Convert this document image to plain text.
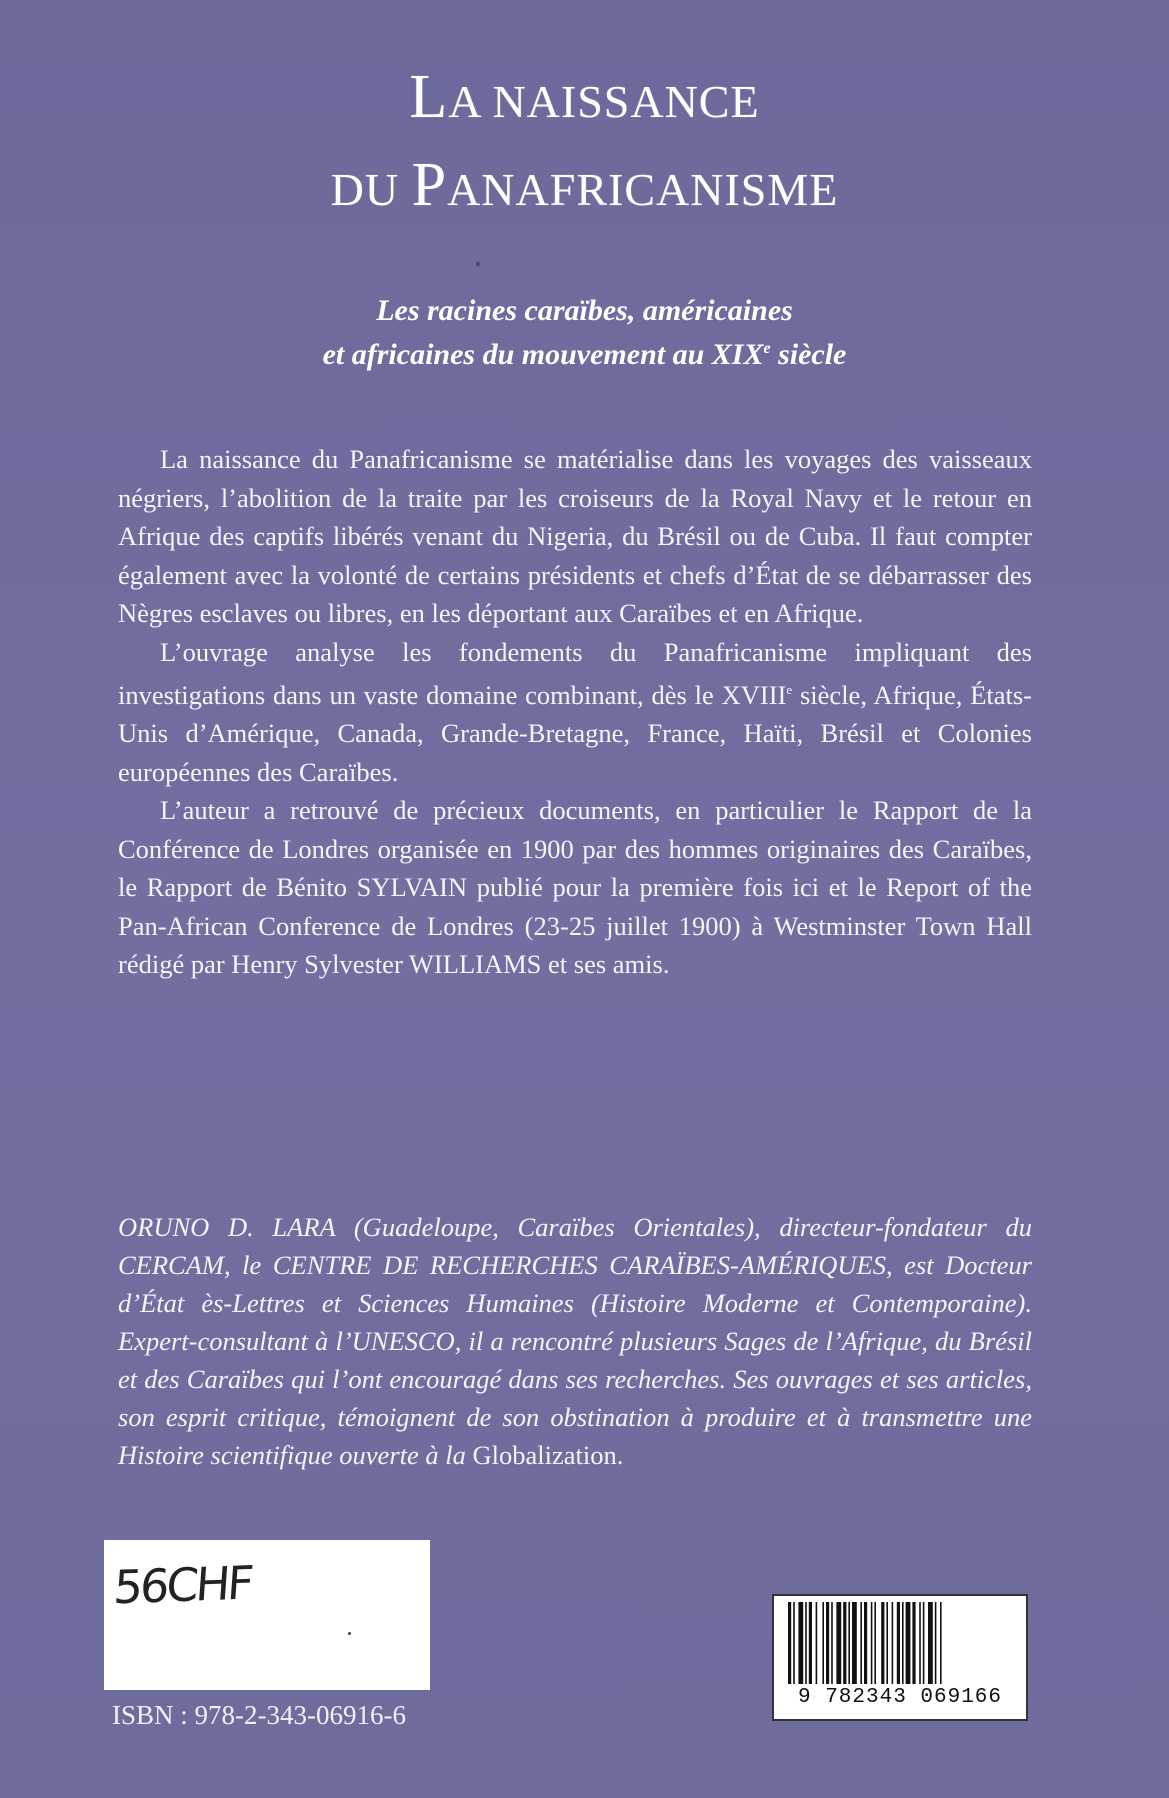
LA NAISSANCE
DU PANAFRICANISME
Les racines caraïbes, américaines
et africaines du mouvement au XIXe siècle

La naissance du Panafricanisme se matérialise dans les voyages des vaisseaux négriers, l’abolition de la traite par les croiseurs de la Royal Navy et le retour en Afrique des captifs libérés venant du Nigeria, du Brésil ou de Cuba. Il faut compter également avec la volonté de certains présidents et chefs d’État de se débarrasser des Nègres esclaves ou libres, en les déportant aux Caraïbes et en Afrique.

L’ouvrage analyse les fondements du Panafricanisme impliquant des investigations dans un vaste domaine combinant, dès le XVIIIe siècle, Afrique, États-Unis d’Amérique, Canada, Grande-Bretagne, France, Haïti, Brésil et Colonies européennes des Caraïbes.

L’auteur a retrouvé de précieux documents, en particulier le Rapport de la Conférence de Londres organisée en 1900 par des hommes originaires des Caraïbes, le Rapport de Bénito SYLVAIN publié pour la première fois ici et le Report of the Pan-African Conference de Londres (23-25 juillet 1900) à Westminster Town Hall rédigé par Henry Sylvester WILLIAMS et ses amis.

ORUNO D. LARA (Guadeloupe, Caraïbes Orientales), directeur-fondateur du CERCAM, le CENTRE DE RECHERCHES CARAÏBES-AMÉRIQUES, est Docteur d’État ès-Lettres et Sciences Humaines (Histoire Moderne et Contemporaine). Expert-consultant à l’UNESCO, il a rencontré plusieurs Sages de l’Afrique, du Brésil et des Caraïbes qui l’ont encouragé dans ses recherches. Ses ouvrages et ses articles, son esprit critique, témoignent de son obstination à produire et à transmettre une Histoire scientifique ouverte à la Globalization.
56CHF
ISBN : 978-2-343-06916-6
9 782343 069166
